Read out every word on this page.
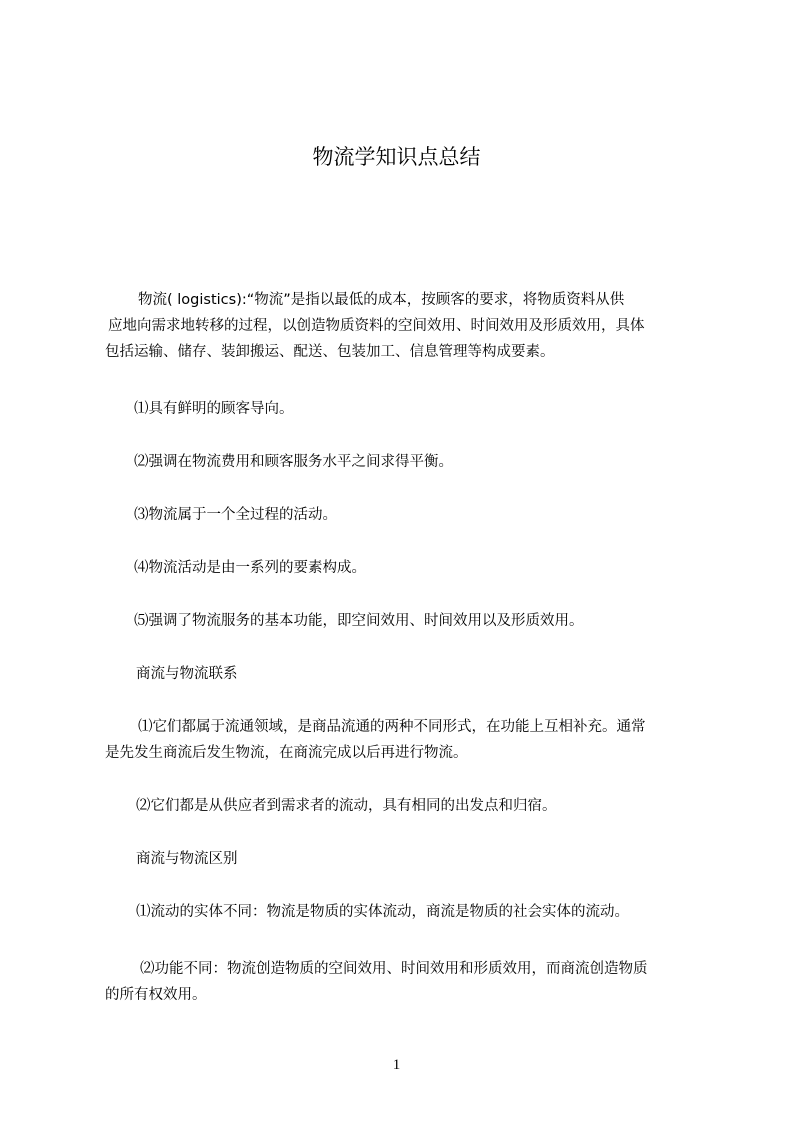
物流学知识点总结
物流( logistics):“物流”是指以最低的成本，按顾客的要求，将物质资料从供
应地向需求地转移的过程，以创造物质资料的空间效用、时间效用及形质效用，具体
包括运输、储存、装卸搬运、配送、包装加工、信息管理等构成要素。
⑴具有鲜明的顾客导向。
⑵强调在物流费用和顾客服务水平之间求得平衡。
⑶物流属于一个全过程的活动。
⑷物流活动是由一系列的要素构成。
⑸强调了物流服务的基本功能，即空间效用、时间效用以及形质效用。
商流与物流联系
⑴它们都属于流通领域，是商品流通的两种不同形式，在功能上互相补充。通常
是先发生商流后发生物流，在商流完成以后再进行物流。
⑵它们都是从供应者到需求者的流动，具有相同的出发点和归宿。
商流与物流区别
⑴流动的实体不同：物流是物质的实体流动，商流是物质的社会实体的流动。
⑵功能不同：物流创造物质的空间效用、时间效用和形质效用，而商流创造物质
的所有权效用。
1
